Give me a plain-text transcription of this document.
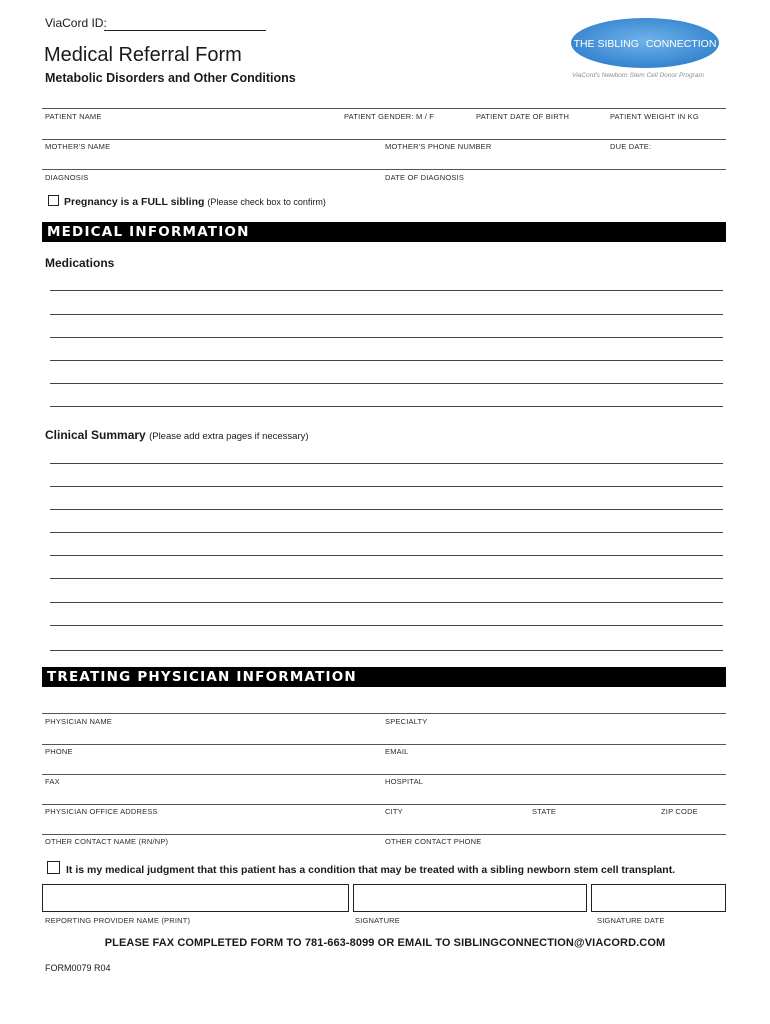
ViaCord ID:
Medical Referral Form
Metabolic Disorders and Other Conditions
THE SIBLING CONNECTION
ViaCord's Newborn Stem Cell Donor Program
PATIENT NAME	PATIENT GENDER: M / F	PATIENT DATE OF BIRTH	PATIENT WEIGHT IN KG
MOTHER'S NAME	MOTHER'S PHONE NUMBER	DUE DATE:
DIAGNOSIS	DATE OF DIAGNOSIS
Pregnancy is a FULL sibling (Please check box to confirm)
MEDICAL INFORMATION
Medications
Clinical Summary (Please add extra pages if necessary)
TREATING PHYSICIAN INFORMATION
PHYSICIAN NAME	SPECIALTY
PHONE	EMAIL
FAX	HOSPITAL
PHYSICIAN OFFICE ADDRESS	CITY	STATE	ZIP CODE
OTHER CONTACT NAME (RN/NP)	OTHER CONTACT PHONE
It is my medical judgment that this patient has a condition that may be treated with a sibling newborn stem cell transplant.
REPORTING PROVIDER NAME (PRINT)	SIGNATURE	SIGNATURE DATE
PLEASE FAX COMPLETED FORM TO 781-663-8099 OR EMAIL TO SIBLINGCONNECTION@VIACORD.COM
FORM0079 R04
